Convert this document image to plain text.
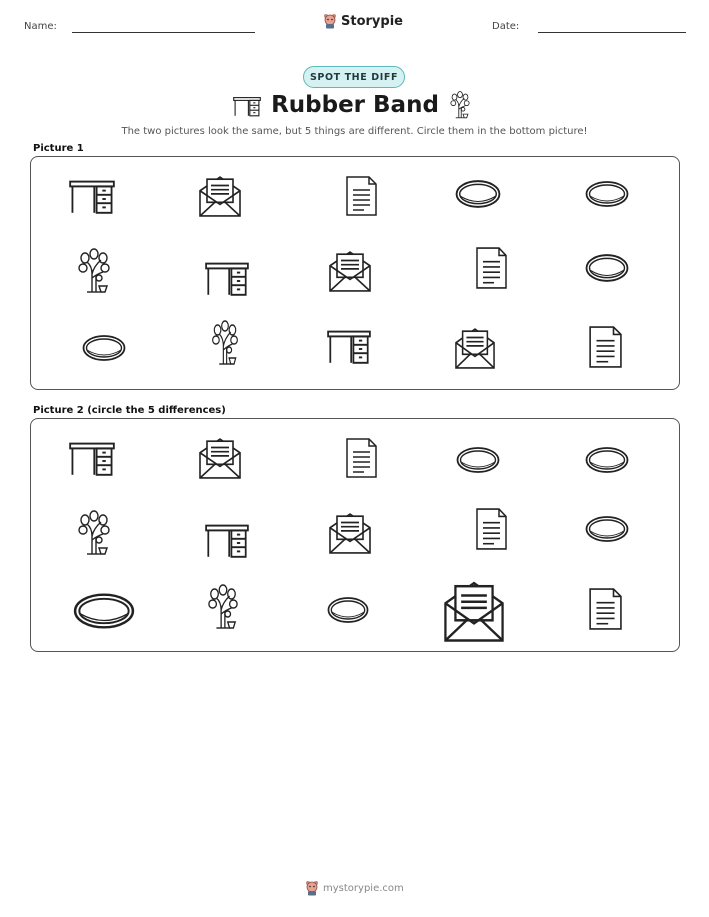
Name:	Storypie	Date:
SPOT THE DIFF
Rubber Band
The two pictures look the same, but 5 things are different. Circle them in the bottom picture!
Picture 1
Picture 2 (circle the 5 differences)
mystorypie.com
